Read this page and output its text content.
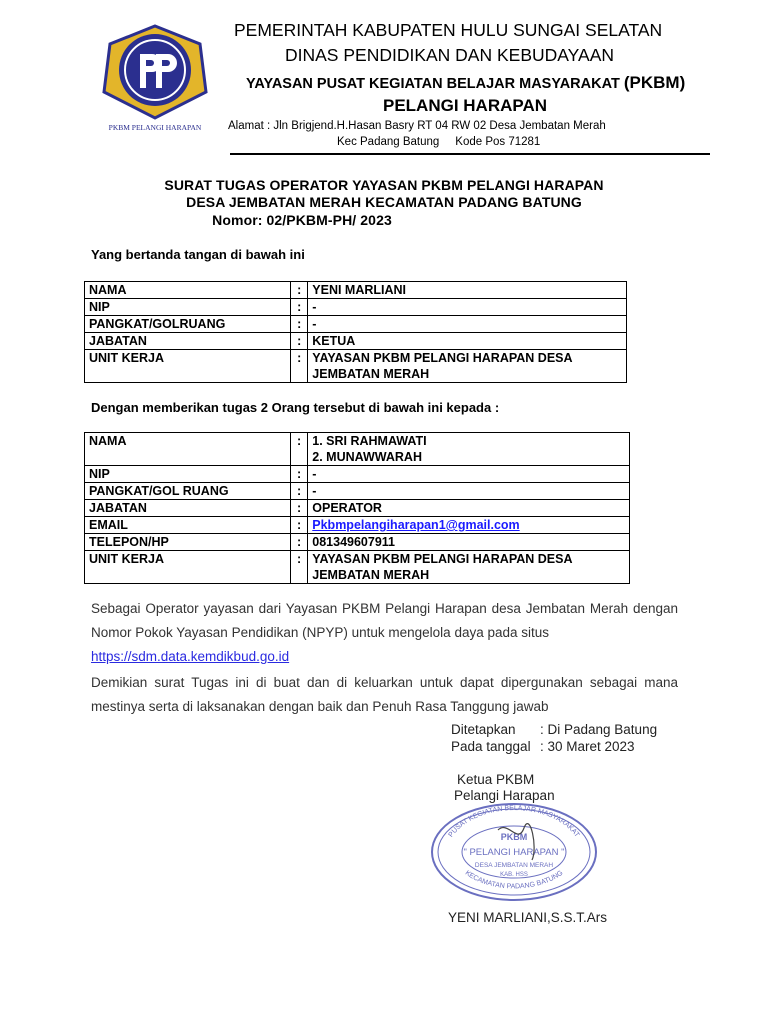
PKBM PELANGI HARAPAN
PEMERINTAH KABUPATEN HULU SUNGAI SELATAN
DINAS PENDIDIKAN DAN KEBUDAYAAN
YAYASAN PUSAT KEGIATAN BELAJAR MASYARAKAT (PKBM)
PELANGI HARAPAN
Alamat : Jln Brigjend.H.Hasan Basry RT 04 RW 02 Desa Jembatan Merah
Kec Padang Batung     Kode Pos 71281
SURAT TUGAS OPERATOR YAYASAN PKBM PELANGI HARAPAN
DESA JEMBATAN MERAH KECAMATAN PADANG BATUNG
Nomor: 02/PKBM-PH/ 2023
Yang bertanda tangan di bawah ini
NAMA	:	YENI MARLIANI
NIP	:	-
PANGKAT/GOLRUANG	:	-
JABATAN	:	KETUA
UNIT KERJA	:	YAYASAN PKBM PELANGI HARAPAN DESA
JEMBATAN MERAH
Dengan memberikan tugas 2 Orang tersebut di bawah ini kepada :
NAMA	:	1. SRI RAHMAWATI
2. MUNAWWARAH

NIP	:	-
PANGKAT/GOL RUANG	:	-
JABATAN	:	OPERATOR
EMAIL	:	Pkbmpelangiharapan1@gmail.com
TELEPON/HP	:	081349607911
UNIT KERJA	:	YAYASAN PKBM PELANGI HARAPAN DESA
JEMBATAN MERAH
Sebagai Operator yayasan dari Yayasan PKBM Pelangi Harapan desa Jembatan Merah dengan Nomor Pokok Yayasan Pendidikan (NPYP) untuk mengelola daya pada situs
https://sdm.data.kemdikbud.go.id
Demikian surat Tugas ini di buat dan di keluarkan untuk dapat dipergunakan sebagai mana mestinya serta di laksanakan dengan baik dan Penuh Rasa Tanggung jawab
Ditetapkan : Di Padang Batung
Pada tanggal : 30 Maret 2023
Ketua PKBM
Pelangi Harapan
PUSAT KEGIATAN BELAJAR MASYARAKAT
KECAMATAN PADANG BATUNG
PKBM
" PELANGI HARAPAN "
DESA JEMBATAN MERAH
KAB. HSS
YENI MARLIANI,S.S.T.Ars
